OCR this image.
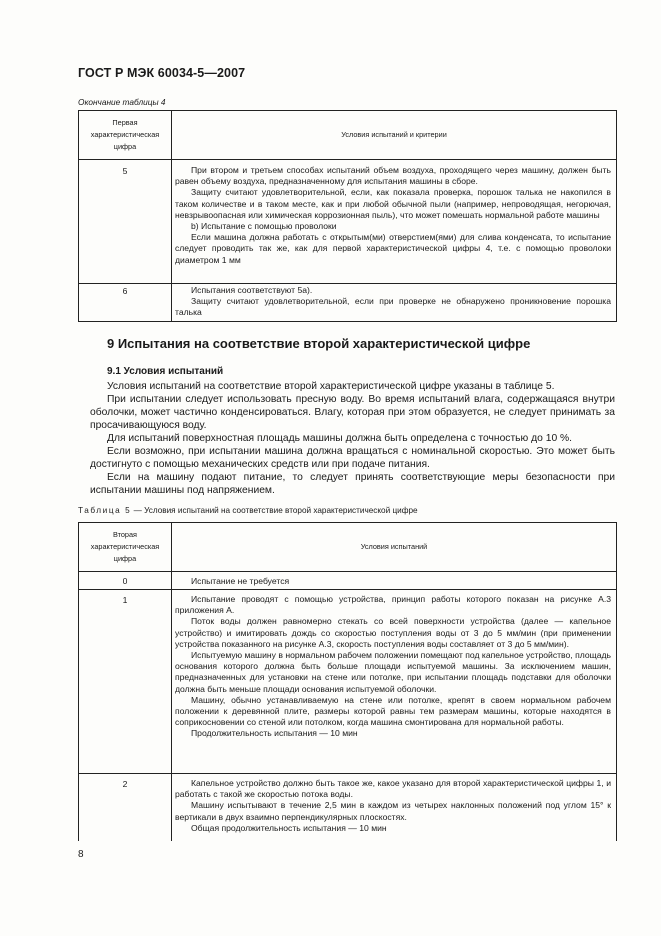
ГОСТ Р МЭК 60034-5—2007
Окончание таблицы 4
Первая
характеристическая
цифра
Условия испытаний и критерии
5	При втором и третьем способах испытаний объем воздуха, проходящего через машину, должен быть равен объему воздуха, предназначенному для испытания машины в сборе.

Защиту считают удовлетворительной, если, как показала проверка, порошок талька не накопился в таком количестве и в таком месте, как и при любой обычной пыли (например, непроводящая, негорючая, невзрывоопасная или химическая коррозионная пыль), что может помешать нормальной работе машины

b) Испытание с помощью проволоки

Если машина должна работать с открытым(ми) отверстием(ями) для слива конденсата, то испытание следует проводить так же, как для первой характеристической цифры 4, т.е. с помощью проволоки диаметром 1 мм

6	Испытания соответствуют 5а).

Защиту считают удовлетворительной, если при проверке не обнаружено проникновение порошка талька

9 Испытания на соответствие второй характеристической цифре
9.1 Условия испытаний

Условия испытаний на соответствие второй характеристической цифре указаны в таблице 5.

При испытании следует использовать пресную воду. Во время испытаний влага, содержащаяся внутри оболочки, может частично конденсироваться. Влагу, которая при этом образуется, не следует принимать за просачивающуюся воду.

Для испытаний поверхностная площадь машины должна быть определена с точностью до 10 %.

Если возможно, при испытании машина должна вращаться с номинальной скоростью. Это может быть достигнуто с помощью механических средств или при подаче питания.

Если на машину подают питание, то следует принять соответствующие меры безопасности при испытании машины под напряжением.

Таблица 5 — Условия испытаний на соответствие второй характеристической цифре
Вторая
характеристическая
цифра
Условия испытаний
0	Испытание не требуется

1	Испытание проводят с помощью устройства, принцип работы которого показан на рисунке А.3 приложения А.

Поток воды должен равномерно стекать со всей поверхности устройства (далее — капельное устройство) и имитировать дождь со скоростью поступления воды от 3 до 5 мм/мин (при применении устройства показанного на рисунке А.3, скорость поступления воды составляет от 3 до 5 мм/мин).

Испытуемую машину в нормальном рабочем положении помещают под капельное устройство, площадь основания которого должна быть больше площади испытуемой машины. За исключением машин, предназначенных для установки на стене или потолке, при испытании площадь подставки для оболочки должна быть меньше площади основания испытуемой оболочки.

Машину, обычно устанавливаемую на стене или потолке, крепят в своем нормальном рабочем положении к деревянной плите, размеры которой равны тем размерам машины, которые находятся в соприкосновении со стеной или потолком, когда машина смонтирована для нормальной работы.

Продолжительность испытания — 10 мин

2	Капельное устройство должно быть такое же, какое указано для второй характеристической цифры 1, и работать с такой же скоростью потока воды.

Машину испытывают в течение 2,5 мин в каждом из четырех наклонных положений под углом 15° к вертикали в двух взаимно перпендикулярных плоскостях.

Общая продолжительность испытания — 10 мин

8
